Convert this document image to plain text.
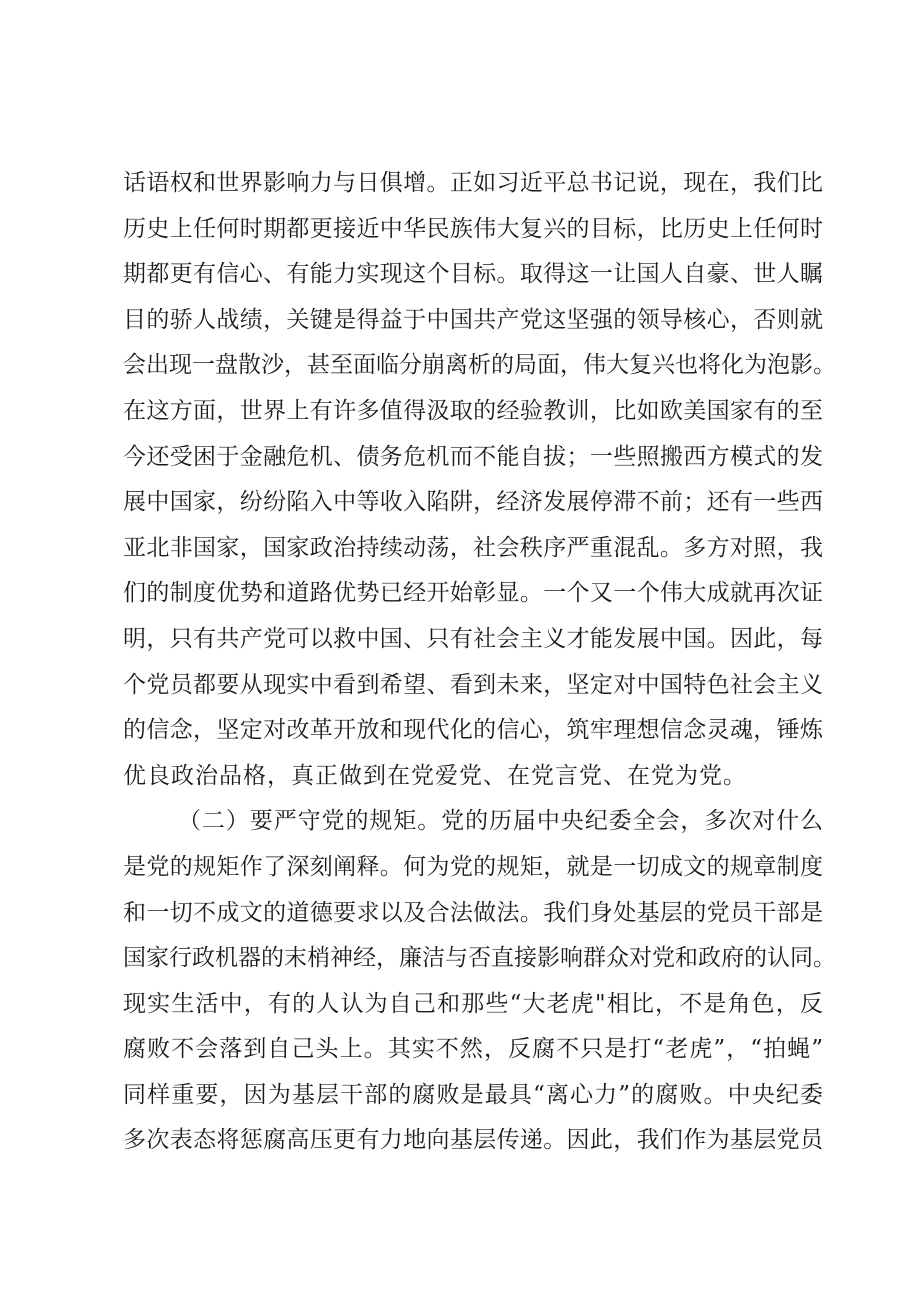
话语权和世界影响力与日俱增。正如习近平总书记说，现在，我们比
历史上任何时期都更接近中华民族伟大复兴的目标，比历史上任何时
期都更有信心、有能力实现这个目标。取得这一让国人自豪、世人瞩
目的骄人战绩，关键是得益于中国共产党这坚强的领导核心，否则就
会出现一盘散沙，甚至面临分崩离析的局面，伟大复兴也将化为泡影。
在这方面，世界上有许多值得汲取的经验教训，比如欧美国家有的至
今还受困于金融危机、债务危机而不能自拔；一些照搬西方模式的发
展中国家，纷纷陷入中等收入陷阱，经济发展停滞不前；还有一些西
亚北非国家，国家政治持续动荡，社会秩序严重混乱。多方对照，我
们的制度优势和道路优势已经开始彰显。一个又一个伟大成就再次证
明，只有共产党可以救中国、只有社会主义才能发展中国。因此，每
个党员都要从现实中看到希望、看到未来，坚定对中国特色社会主义
的信念，坚定对改革开放和现代化的信心，筑牢理想信念灵魂，锤炼
优良政治品格，真正做到在党爱党、在党言党、在党为党。
（二）要严守党的规矩。党的历届中央纪委全会，多次对什么
是党的规矩作了深刻阐释。何为党的规矩，就是一切成文的规章制度
和一切不成文的道德要求以及合法做法。我们身处基层的党员干部是
国家行政机器的末梢神经，廉洁与否直接影响群众对党和政府的认同。
现实生活中，有的人认为自己和那些“大老虎"相比，不是角色，反
腐败不会落到自己头上。其实不然，反腐不只是打“老虎”，“拍蝇”
同样重要，因为基层干部的腐败是最具“离心力”的腐败。中央纪委
多次表态将惩腐高压更有力地向基层传递。因此，我们作为基层党员
